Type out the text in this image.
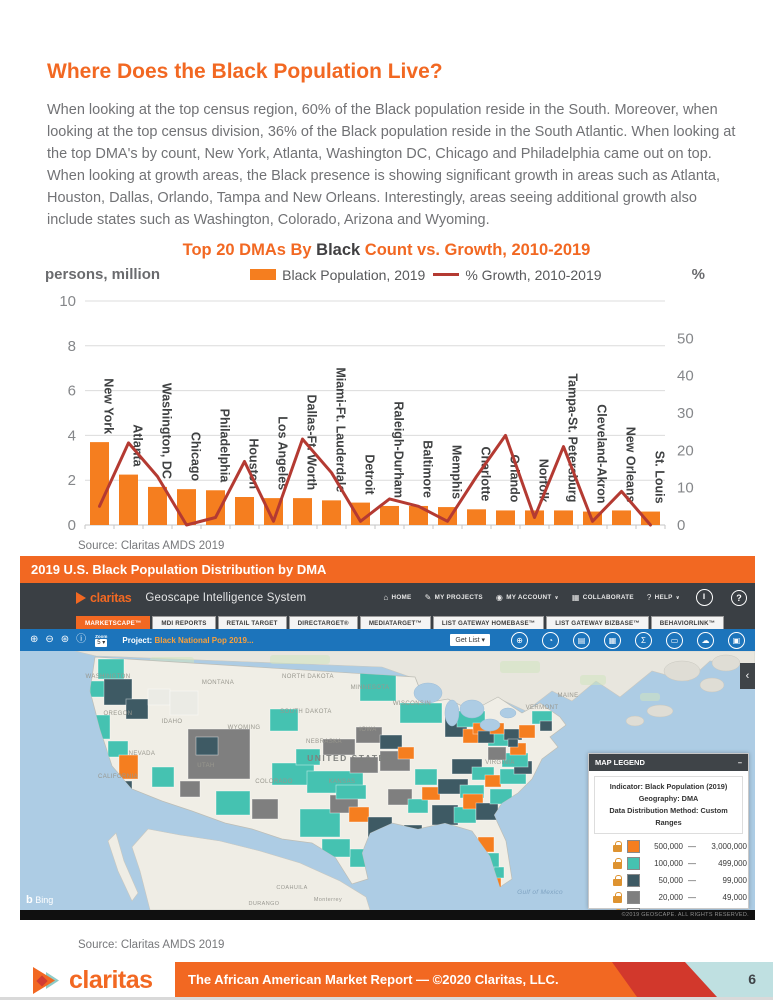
Where Does the Black Population Live?
When looking at the top census region, 60% of the Black population reside in the South. Moreover, when looking at the top census division, 36% of the Black population reside in the South Atlantic. When looking at the top DMA's by count, New York, Atlanta, Washington DC, Chicago and Philadelphia came out on top. When looking at growth areas, the Black presence is showing significant growth in areas such as Atlanta, Houston, Dallas, Orlando, Tampa and New Orleans. Interestingly, areas seeing additional growth also include states such as Washington, Colorado, Arizona and Wyoming.
Top 20 DMAs By Black Count vs. Growth, 2010-2019
persons, million	Black Population, 2019	% Growth, 2010-2019	%
0	0
2	10
4
20
6
30
8
40
10
50
New York
Atlanta Washington, DC Chicago Philadelphia Houston Los Angeles Dallas-Ft. Worth Miami-Ft. Lauderdale Detroit Raleigh-Durham Baltimore Memphis Charlotte Orlando Norfolk Tampa-St. Petersburg Cleveland-Akron New Orleans St. Louis
Source: Claritas AMDS 2019
2019 U.S. Black Population Distribution by DMA
claritas Geoscape Intelligence System	⌂ HOME ✎ MY PROJECTS ◉ MY ACCOUNT ∨ ▦ COLLABORATE ? HELP ∨	‖	?
MARKETSCAPE™	MDI REPORTS	RETAIL TARGET	DIRECTARGET®	MEDIATARGET™	LIST GATEWAY HOMEBASE™	LIST GATEWAY BIZBASE™	BEHAVIORLINK™
⊕ ⊖ ⊛ ⓘ Zoom
5 ▾ Project: Black National Pop 2019...	Get List ▾	⊕	◔	▤	▦	Σ	▭	☁	▣
WASHINGTON
MONTANA
NORTH DAKOTA
SOUTH DAKOTA
MINNESOTA
OREGON
IDAHO
WYOMING
NEVADA
UTAH
COLORADO
NEBRASKA
KANSAS
IOWA
WISCONSIN
MAINE
VERMONT
VIRGINIA
CALIFORNIA
UNITED STATES
Gulf of Mexico
COAHUILA
DURANGO
Monterrey
‹
MAP LEGEND	–
Indicator: Black Population (2019)
Geography: DMA
Data Distribution Method: Custom Ranges
500,000 —	3,000,000
100,000 —	499,000
50,000 —	99,000
20,000 —	49,000
b Bing
©2019 GEOSCAPE. ALL RIGHTS RESERVED.
Source: Claritas AMDS 2019
claritas	The African American Market Report — ©2020 Claritas, LLC.	6
